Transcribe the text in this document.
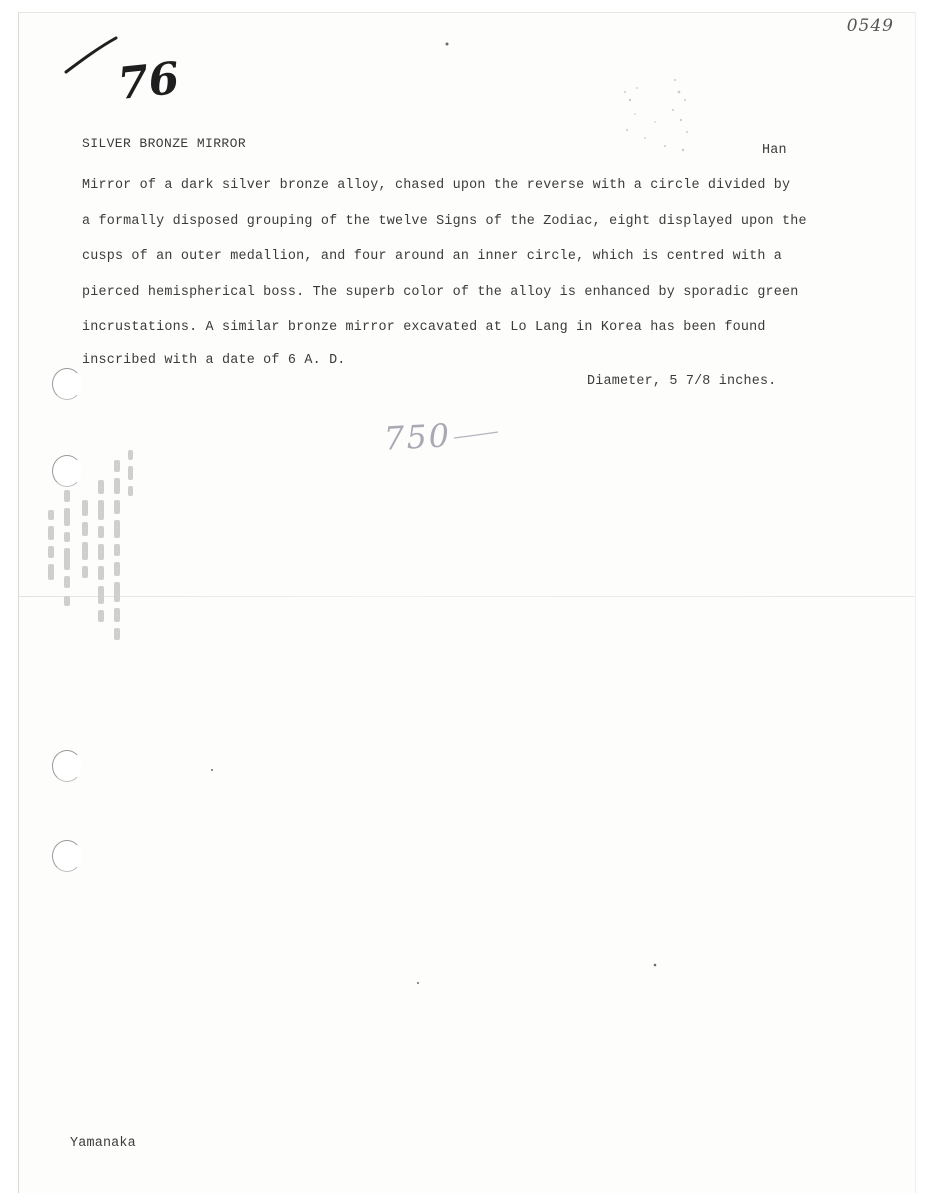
0549
76
SILVER BRONZE MIRROR	Han
Mirror of a dark silver bronze alloy, chased upon the reverse with a circle divided by
a formally disposed grouping of the twelve Signs of the Zodiac, eight displayed upon the
cusps of an outer medallion, and four around an inner circle, which is centred with a
pierced hemispherical boss. The superb color of the alloy is enhanced by sporadic green
incrustations. A similar bronze mirror excavated at Lo Lang in Korea has been found
inscribed with a date of 6 A. D.
Diameter, 5 7/8 inches.
750
Yamanaka
